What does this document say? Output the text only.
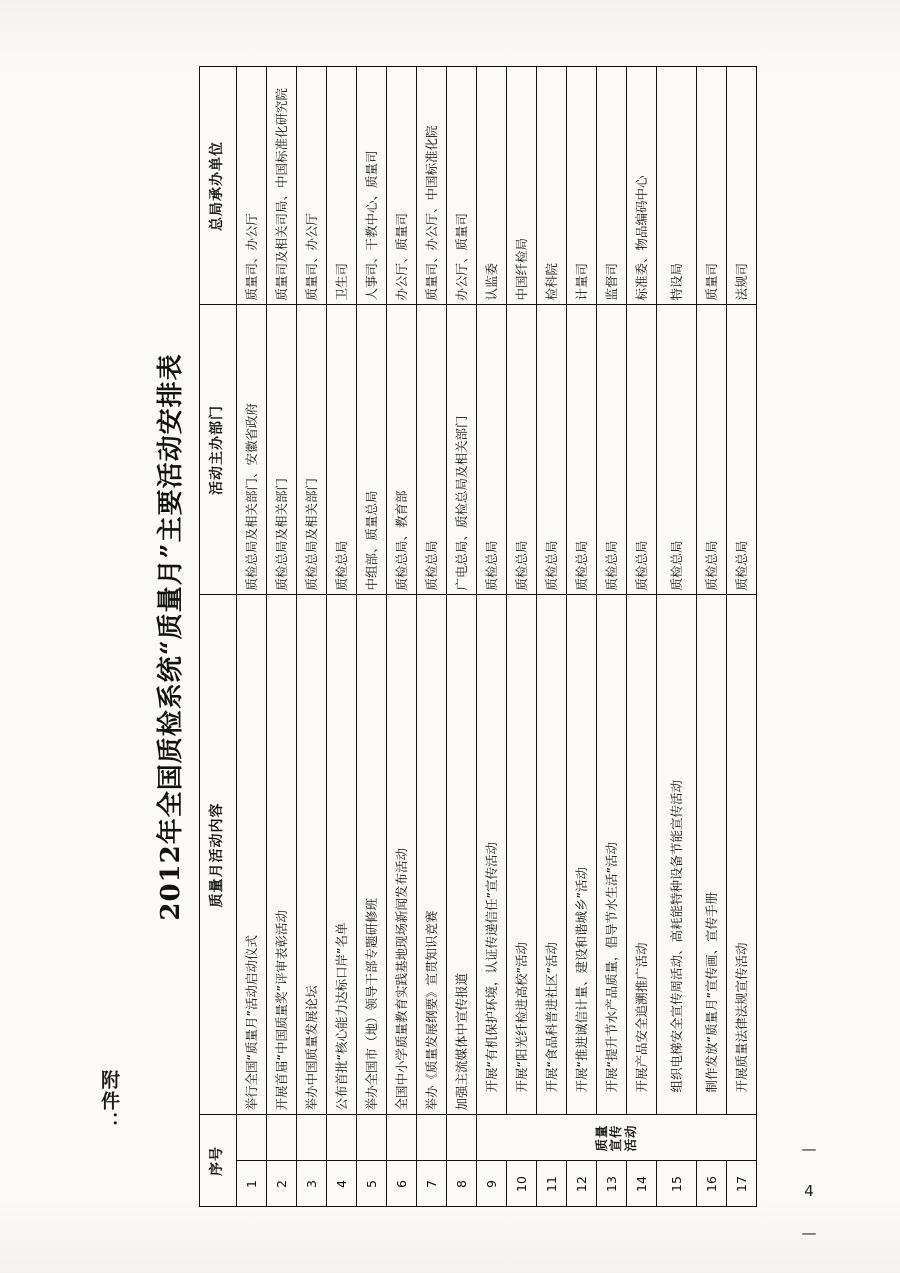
附件：
— 4 —
2012年全国质检系统“质量月”主要活动安排表
序号		质量月活动内容	活动主办部门	总局承办单位
1		举行全国“质量月”活动启动仪式	质检总局及相关部门、安徽省政府	质量司、办公厅
2		开展首届“中国质量奖”评审表彰活动	质检总局及相关部门	质量司及相关司局、中国标准化研究院
3		举办中国质量发展论坛	质检总局及相关部门	质量司、办公厅
4		公布首批“核心能力达标口岸”名单	质检总局	卫生司
5		举办全国市（地）领导干部专题研修班	中组部、质量总局	人事司、干教中心、质量司
6		全国中小学质量教育实践基地现场新闻发布活动	质检总局、教育部	办公厅、质量司
7		举办《质量发展纲要》宣贯知识竞赛	质检总局	质量司、办公厅、中国标准化院
8		加强主流媒体中宣传报道	广电总局、质检总局及相关部门	办公厅、质量司
9	质量宣传活动	开展“有机保护环境，认证传递信任”宣传活动	质检总局	认监委
10		开展“阳光纤检进高校”活动	质检总局	中国纤检局
11		开展“食品科普进社区”活动	质检总局	检科院
12		开展“推进诚信计量、建设和谐城乡”活动	质检总局	计量司
13		开展“提升节水产品质量，倡导节水生活”活动	质检总局	监督司
14		开展产品安全追溯推广活动	质检总局	标准委、物品编码中心
15		组织电梯安全宣传周活动、高耗能特种设备节能宣传活动	质检总局	特设局
16		制作发放“质量月”宣传画、宣传手册	质检总局	质量司
17		开展质量法律法规宣传活动	质检总局	法规司
